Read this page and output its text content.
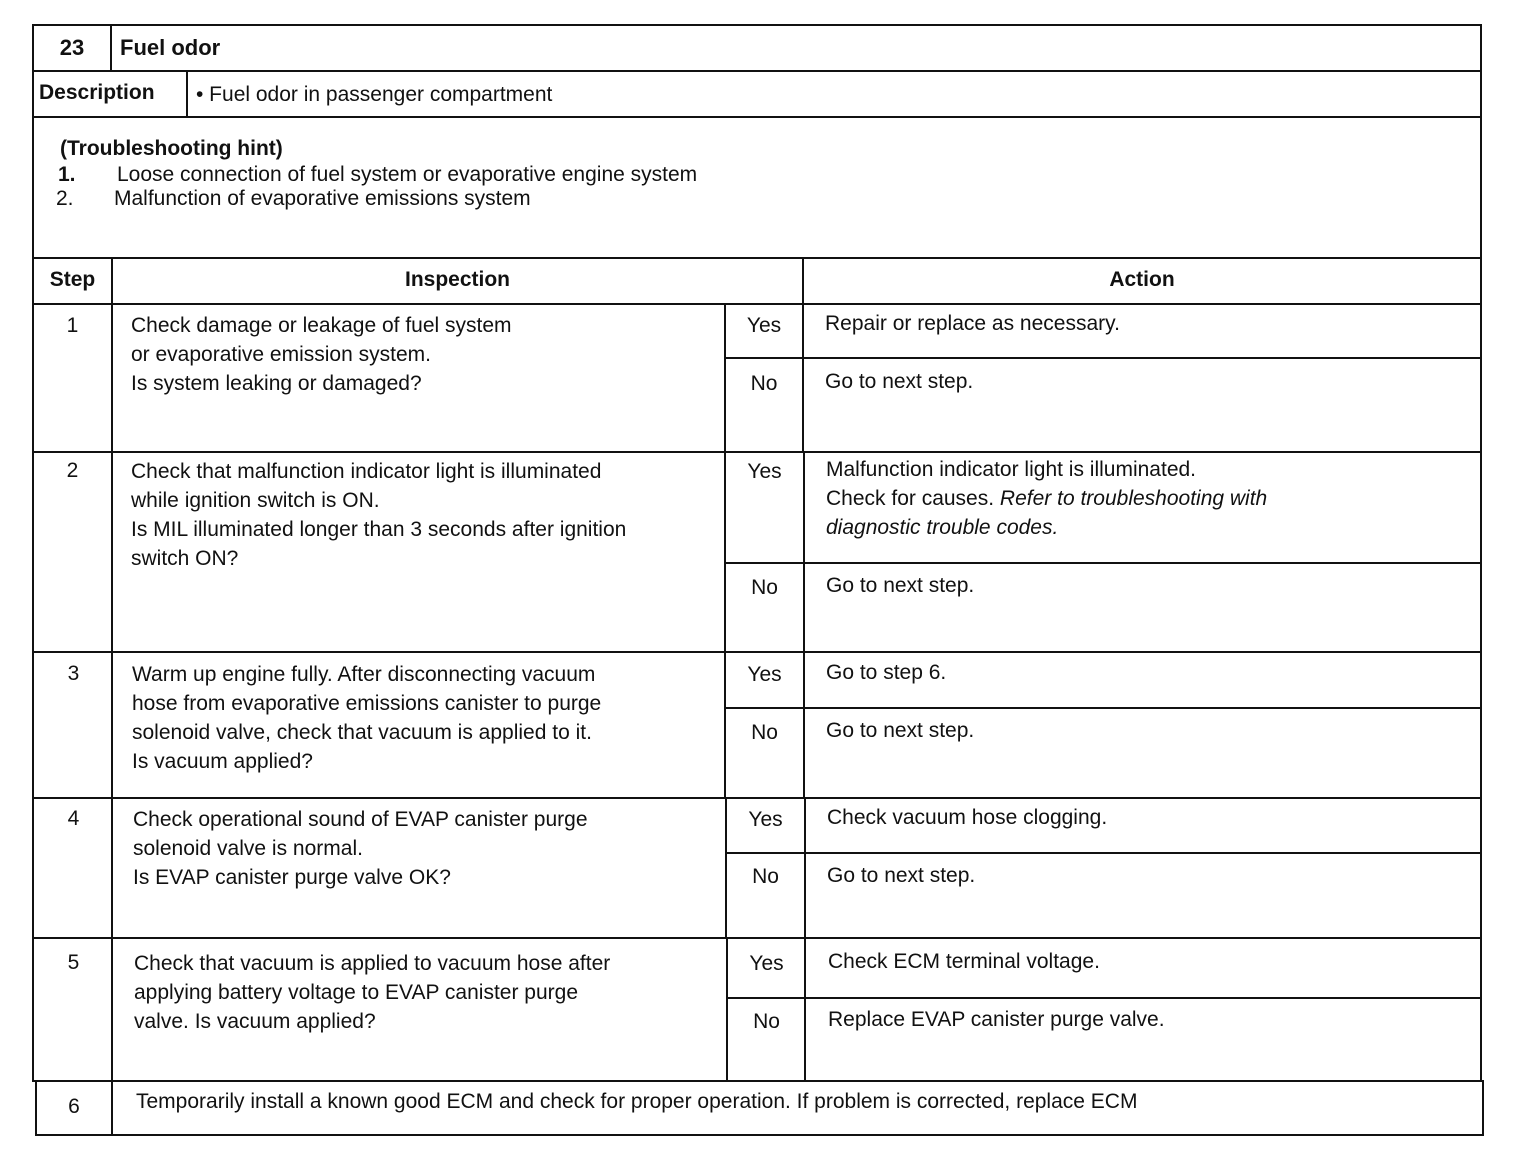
23	Fuel odor
Description • Fuel odor in passenger compartment
(Troubleshooting hint)
1. Loose connection of fuel system or evaporative engine system
2. Malfunction of evaporative emissions system
Step	Inspection	Action
1	Check damage or leakage of fuel system
or evaporative emission system.
Is system leaking or damaged?
Yes	Repair or replace as necessary.
No	Go to next step.
2	Check that malfunction indicator light is illuminated
while ignition switch is ON.
Is MIL illuminated longer than 3 seconds after ignition
switch ON?
Yes	Malfunction indicator light is illuminated.
Check for causes. Refer to troubleshooting with
diagnostic trouble codes.
No	Go to next step.
3	Warm up engine fully. After disconnecting vacuum
hose from evaporative emissions canister to purge
solenoid valve, check that vacuum is applied to it.
Is vacuum applied?
Yes	Go to step 6.
No	Go to next step.
4	Check operational sound of EVAP canister purge
solenoid valve is normal.
Is EVAP canister purge valve OK?
Yes	Check vacuum hose clogging.
No	Go to next step.
5	Check that vacuum is applied to vacuum hose after
applying battery voltage to EVAP canister purge
valve. Is vacuum applied?
Yes	Check ECM terminal voltage.
No	Replace EVAP canister purge valve.
6	Temporarily install a known good ECM and check for proper operation. If problem is corrected, replace ECM
